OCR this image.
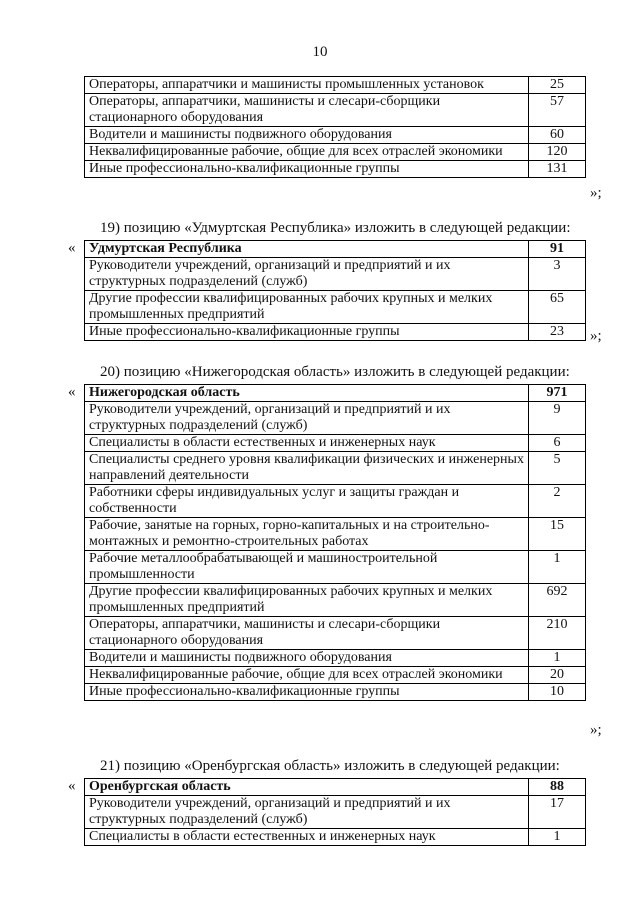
10
Операторы, аппаратчики и машинисты промышленных установок	25
Операторы, аппаратчики, машинисты и слесари-сборщики стационарного оборудования	57
Водители и машинисты подвижного оборудования	60
Неквалифицированные рабочие, общие для всех отраслей экономики	120
Иные профессионально-квалификационные группы	131
»;
19) позицию «Удмуртская Республика» изложить в следующей редакции:
« Удмуртская Республика	91
Руководители учреждений, организаций и предприятий и их структурных подразделений (служб)	3
Другие профессии квалифицированных рабочих крупных и мелких промышленных предприятий	65
Иные профессионально-квалификационные группы	23 »;
20) позицию «Нижегородская область» изложить в следующей редакции:
« Нижегородская область	971
Руководители учреждений, организаций и предприятий и их структурных подразделений (служб)	9
Специалисты в области естественных и инженерных наук	6
Специалисты среднего уровня квалификации физических и инженерных направлений деятельности	5
Работники сферы индивидуальных услуг и защиты граждан и собственности	2
Рабочие, занятые на горных, горно-капитальных и на строительно-монтажных и ремонтно-строительных работах	15
Рабочие металлообрабатывающей и машиностроительной промышленности	1
Другие профессии квалифицированных рабочих крупных и мелких промышленных предприятий	692
Операторы, аппаратчики, машинисты и слесари-сборщики стационарного оборудования	210
Водители и машинисты подвижного оборудования	1
Неквалифицированные рабочие, общие для всех отраслей экономики	20
Иные профессионально-квалификационные группы	10
»;
21) позицию «Оренбургская область» изложить в следующей редакции:
« Оренбургская область	88
Руководители учреждений, организаций и предприятий и их структурных подразделений (служб)	17
Специалисты в области естественных и инженерных наук	1
